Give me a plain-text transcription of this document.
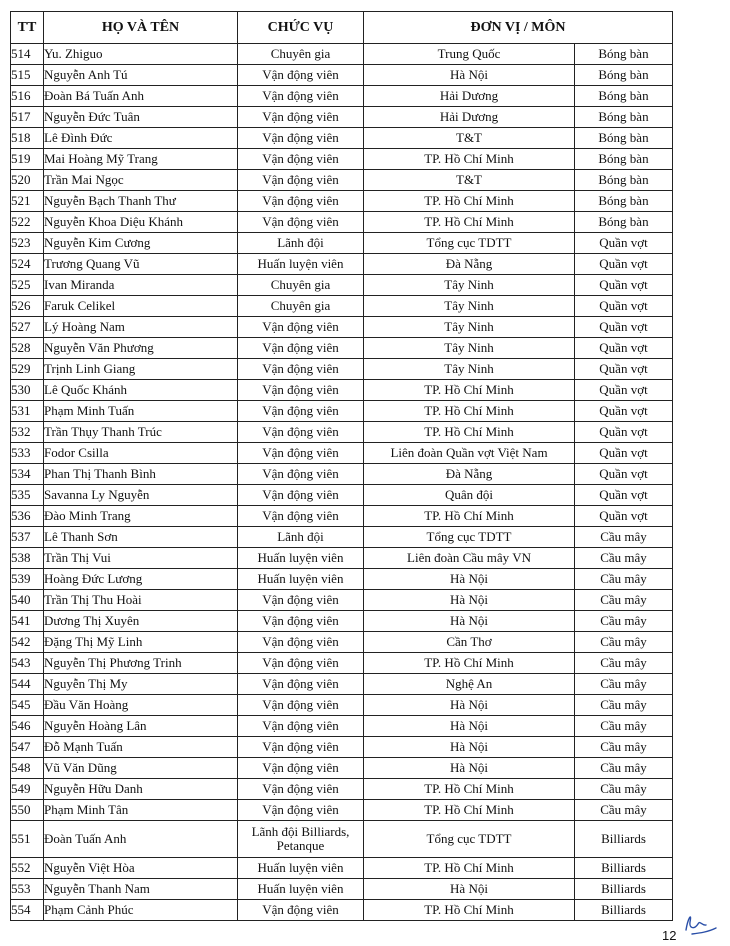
TT	HỌ VÀ TÊN	CHỨC VỤ	ĐƠN VỊ / MÔN	
514	Yu. Zhiguo	Chuyên gia	Trung Quốc	Bóng bàn
515	Nguyễn Anh Tú	Vận động viên	Hà Nội	Bóng bàn
516	Đoàn Bá Tuấn Anh	Vận động viên	Hải Dương	Bóng bàn
517	Nguyễn Đức Tuân	Vận động viên	Hải Dương	Bóng bàn
518	Lê Đình Đức	Vận động viên	T&T	Bóng bàn
519	Mai Hoàng Mỹ Trang	Vận động viên	TP. Hồ Chí Minh	Bóng bàn
520	Trần Mai Ngọc	Vận động viên	T&T	Bóng bàn
521	Nguyễn Bạch Thanh Thư	Vận động viên	TP. Hồ Chí Minh	Bóng bàn
522	Nguyễn Khoa Diệu Khánh	Vận động viên	TP. Hồ Chí Minh	Bóng bàn
523	Nguyễn Kim Cương	Lãnh đội	Tổng cục TDTT	Quần vợt
524	Trương Quang Vũ	Huấn luyện viên	Đà Nẵng	Quần vợt
525	Ivan Miranda	Chuyên gia	Tây Ninh	Quần vợt
526	Faruk Celikel	Chuyên gia	Tây Ninh	Quần vợt
527	Lý Hoàng Nam	Vận động viên	Tây Ninh	Quần vợt
528	Nguyễn Văn Phương	Vận động viên	Tây Ninh	Quần vợt
529	Trịnh Linh Giang	Vận động viên	Tây Ninh	Quần vợt
530	Lê Quốc Khánh	Vận động viên	TP. Hồ Chí Minh	Quần vợt
531	Phạm Minh Tuấn	Vận động viên	TP. Hồ Chí Minh	Quần vợt
532	Trần Thụy Thanh Trúc	Vận động viên	TP. Hồ Chí Minh	Quần vợt
533	Fodor Csilla	Vận động viên	Liên đoàn Quần vợt Việt Nam	Quần vợt
534	Phan Thị Thanh Bình	Vận động viên	Đà Nẵng	Quần vợt
535	Savanna Ly Nguyễn	Vận động viên	Quân đội	Quần vợt
536	Đào Minh Trang	Vận động viên	TP. Hồ Chí Minh	Quần vợt
537	Lê Thanh Sơn	Lãnh đội	Tổng cục TDTT	Cầu mây
538	Trần Thị Vui	Huấn luyện viên	Liên đoàn Cầu mây VN	Cầu mây
539	Hoàng Đức Lương	Huấn luyện viên	Hà Nội	Cầu mây
540	Trần Thị Thu Hoài	Vận động viên	Hà Nội	Cầu mây
541	Dương Thị Xuyên	Vận động viên	Hà Nội	Cầu mây
542	Đặng Thị Mỹ Linh	Vận động viên	Cần Thơ	Cầu mây
543	Nguyễn Thị Phương Trinh	Vận động viên	TP. Hồ Chí Minh	Cầu mây
544	Nguyễn Thị My	Vận động viên	Nghệ An	Cầu mây
545	Đầu Văn Hoàng	Vận động viên	Hà Nội	Cầu mây
546	Nguyễn Hoàng Lân	Vận động viên	Hà Nội	Cầu mây
547	Đỗ Mạnh Tuấn	Vận động viên	Hà Nội	Cầu mây
548	Vũ Văn Dũng	Vận động viên	Hà Nội	Cầu mây
549	Nguyễn Hữu Danh	Vận động viên	TP. Hồ Chí Minh	Cầu mây
550	Phạm Minh Tân	Vận động viên	TP. Hồ Chí Minh	Cầu mây
551	Đoàn Tuấn Anh	Lãnh đội Billiards, Petanque	Tổng cục TDTT	Billiards
552	Nguyễn Việt Hòa	Huấn luyện viên	TP. Hồ Chí Minh	Billiards
553	Nguyễn Thanh Nam	Huấn luyện viên	Hà Nội	Billiards
554	Phạm Cảnh Phúc	Vận động viên	TP. Hồ Chí Minh	Billiards
12
